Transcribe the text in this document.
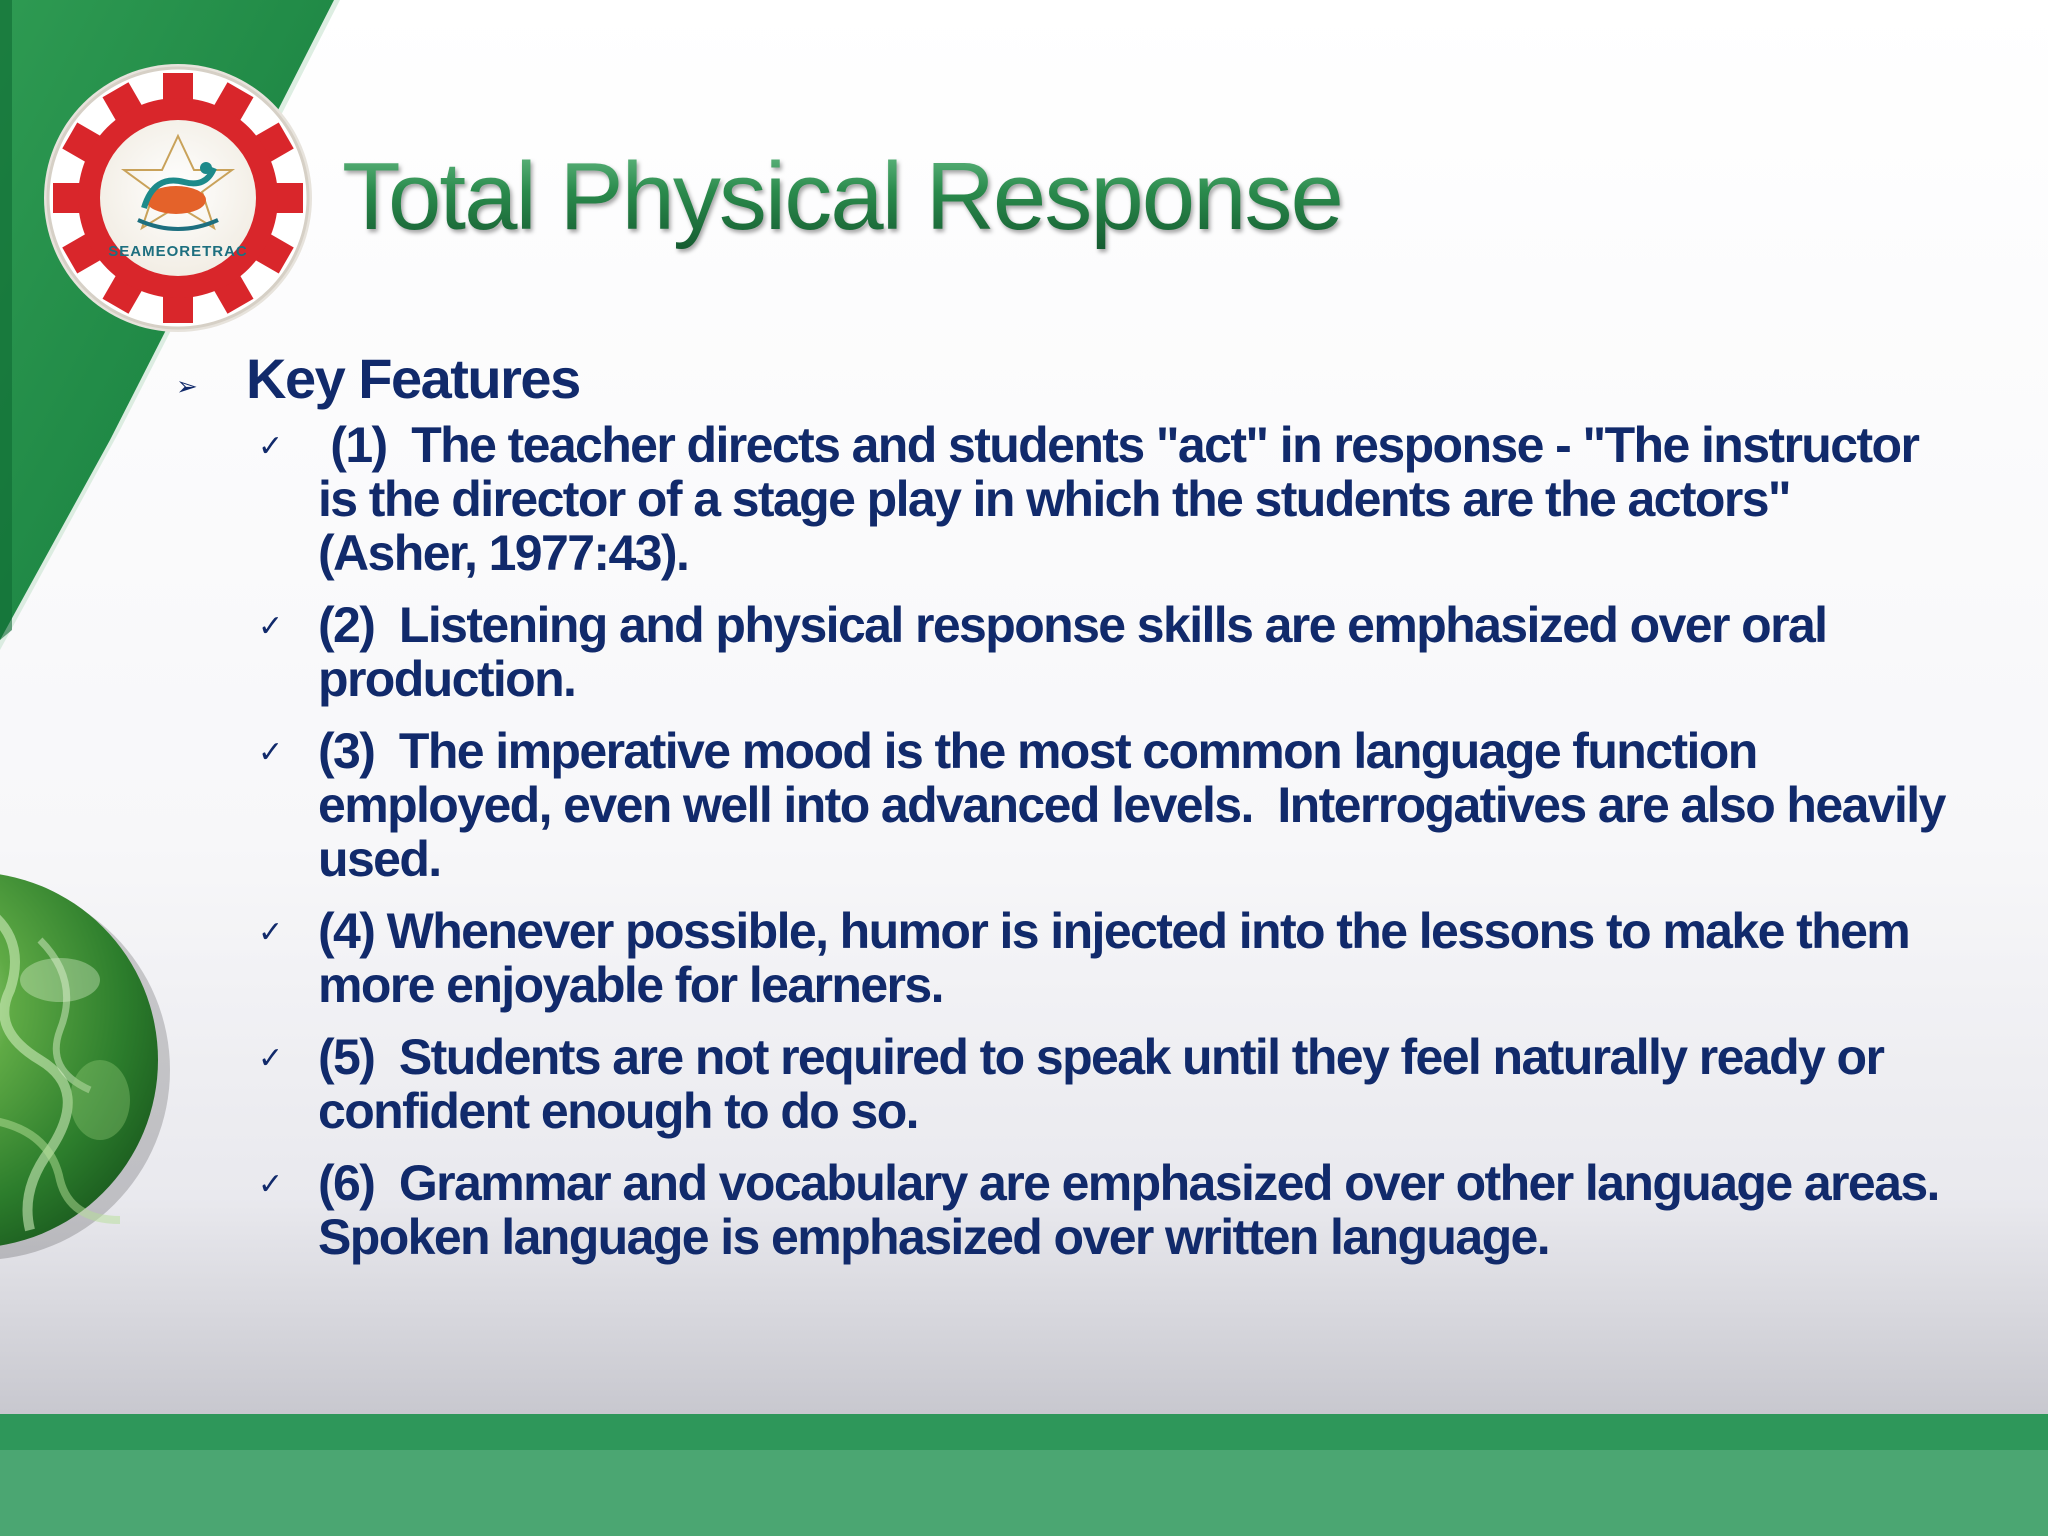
SEAMEORETRAC
Total Physical Response
➢ Key Features
✓ (1)  The teacher directs and students "act" in response - "The instructor is the director of a stage play in which the students are the actors" (Asher, 1977:43).
✓ (2)  Listening and physical response skills are emphasized over oral production.
✓ (3)  The imperative mood is the most common language function employed, even well into advanced levels.  Interrogatives are also heavily used.
✓ (4) Whenever possible, humor is injected into the lessons to make them more enjoyable for learners.
✓ (5)  Students are not required to speak until they feel naturally ready or confident enough to do so.
✓ (6)  Grammar and vocabulary are emphasized over other language areas.  Spoken language is emphasized over written language.
